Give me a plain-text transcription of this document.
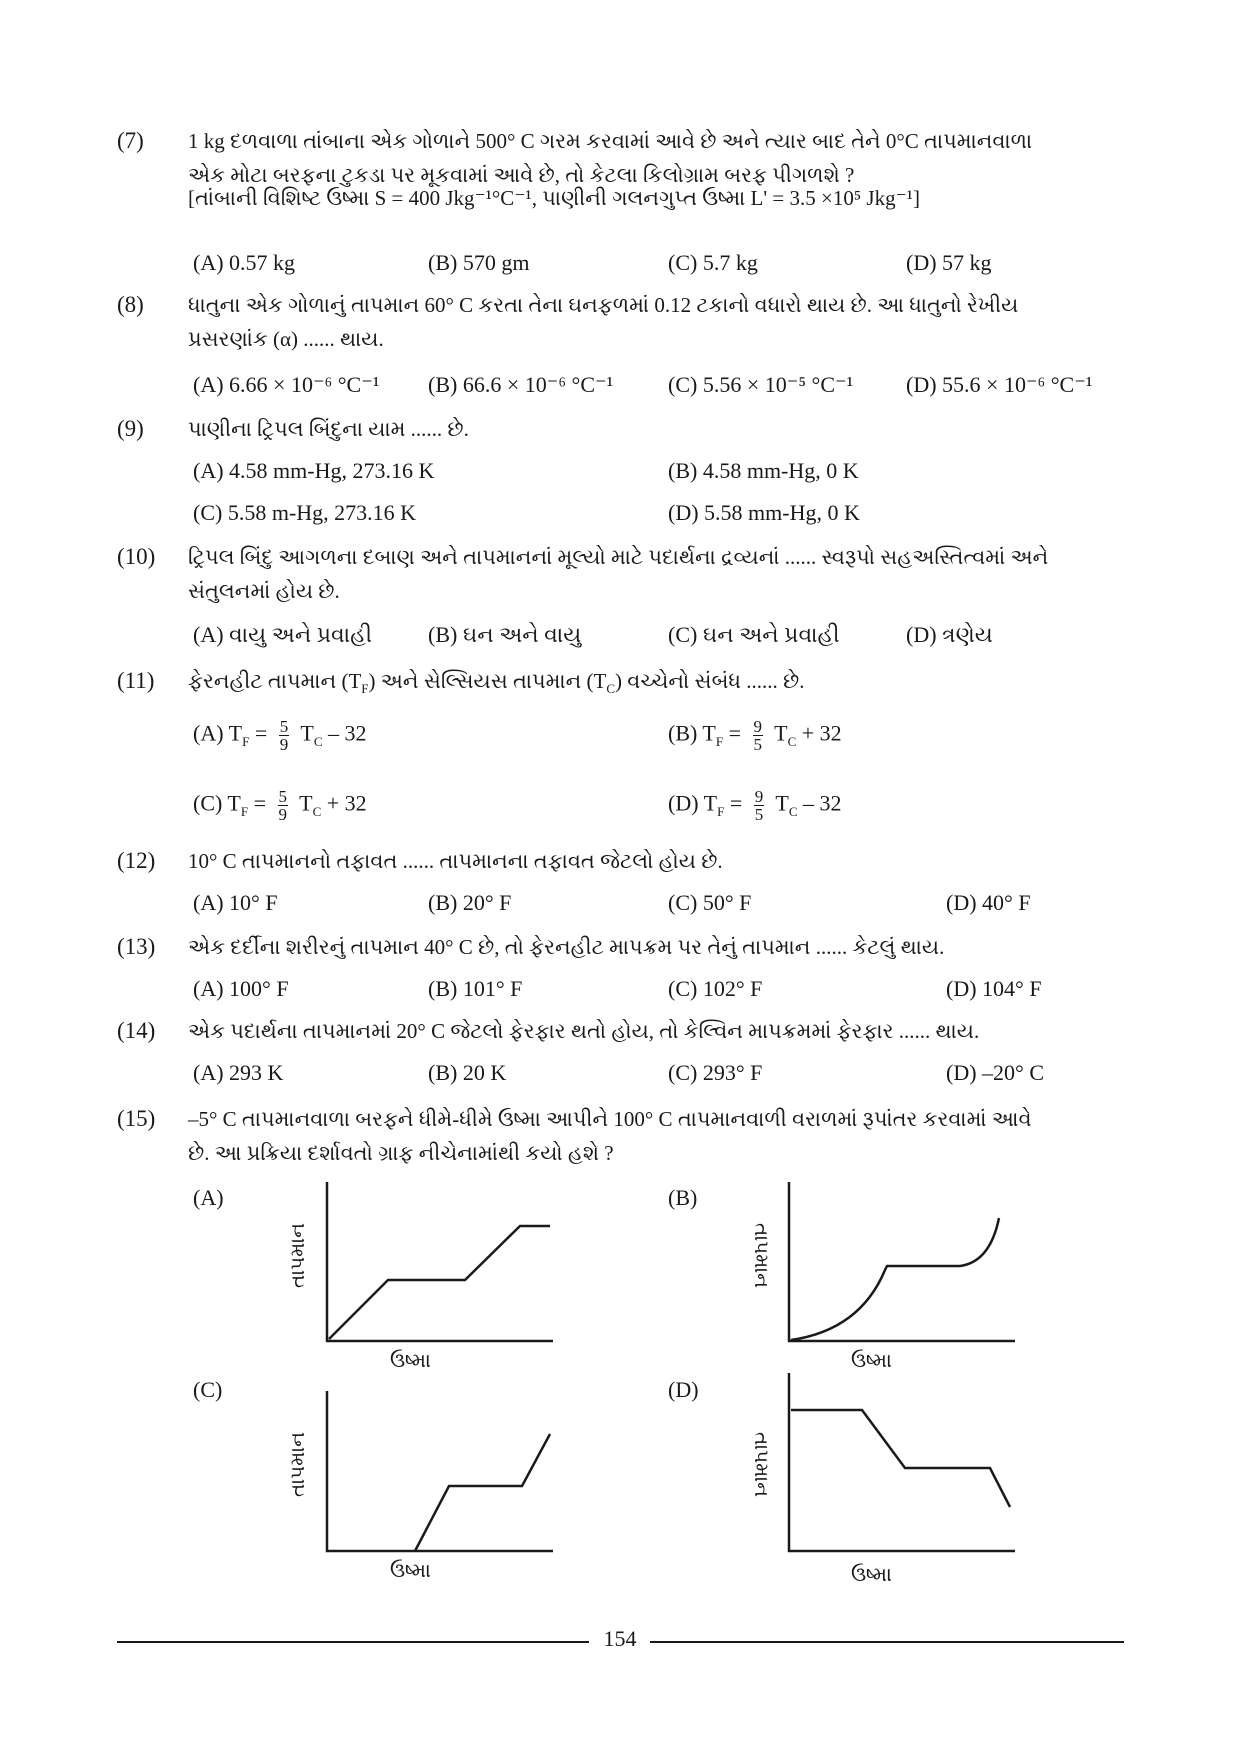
(7) 1 kg દળવાળા તાંબાના એક ગોળાને 500° C ગરમ કરવામાં આવે છે અને ત્યાર બાદ તેને 0°C તાપમાનવાળા
એક મોટા બરફના ટુકડા પર મૂકવામાં આવે છે, તો કેટલા કિલોગ્રામ બરફ પીગળશે ?
[તાંબાની વિશિષ્ટ ઉષ્મા S = 400 Jkg⁻¹°C⁻¹, પાણીની ગલનગુપ્ત ઉષ્મા L' = 3.5 ×10⁵ Jkg⁻¹]
(A) 0.57 kg	(B) 570 gm	(C) 5.7 kg	(D) 57 kg
(8) ધાતુના એક ગોળાનું તાપમાન 60° C કરતા તેના ઘનફળમાં 0.12 ટકાનો વધારો થાય છે. આ ધાતુનો રેખીય
પ્રસરણાંક (α) ...... થાય.
(A) 6.66 × 10⁻⁶ °C⁻¹ (B) 66.6 × 10⁻⁶ °C⁻¹ (C) 5.56 × 10⁻⁵ °C⁻¹ (D) 55.6 × 10⁻⁶ °C⁻¹
(9) પાણીના ટ્રિપલ બિંદુના યામ ...... છે.
(A) 4.58 mm-Hg, 273.16 K	(B) 4.58 mm-Hg, 0 K
(C) 5.58 m-Hg, 273.16 K	(D) 5.58 mm-Hg, 0 K
(10) ટ્રિપલ બિંદુ આગળના દબાણ અને તાપમાનનાં મૂલ્યો માટે પદાર્થના દ્રવ્યનાં ...... સ્વરૂપો સહઅસ્તિત્વમાં અને
સંતુલનમાં હોય છે.
(A) વાયુ અને પ્રવાહી	(B) ઘન અને વાયુ	(C) ઘન અને પ્રવાહી	(D) ત્રણેય
(11) ફેરનહીટ તાપમાન $(T_F)$ અને સેલ્સિયસ તાપમાન $(T_C)$ વચ્ચેનો સંબંધ ...... છે.
(A) $T_F = \frac{5}{9} T_C - 32$	(B) $T_F = \frac{9}{5} T_C + 32$
(C) $T_F = \frac{5}{9} T_C + 32$	(D) $T_F = \frac{9}{5} T_C - 32$
(12) 10° C તાપમાનનો તફાવત ...... તાપમાનના તફાવત જેટલો હોય છે.
(A) 10° F	(B) 20° F	(C) 50° F	(D) 40° F
(13) એક દર્દીના શરીરનું તાપમાન 40° C છે, તો ફેરનહીટ માપક્રમ પર તેનું તાપમાન ...... કેટલું થાય.
(A) 100° F	(B) 101° F	(C) 102° F	(D) 104° F
(14) એક પદાર્થના તાપમાનમાં 20° C જેટલો ફેરફાર થતો હોય, તો કેલ્વિન માપક્રમમાં ફેરફાર ...... થાય.
(A) 293 K	(B) 20 K	(C) 293° F	(D) –20° C
(15) –5° C તાપમાનવાળા બરફને ધીમે-ધીમે ઉષ્મા આપીને 100° C તાપમાનવાળી વરાળમાં રૂપાંતર કરવામાં આવે
છે. આ પ્રક્રિયા દર્શાવતો ગ્રાફ નીચેનામાંથી કયો હશે ?
(A)	(B)
(C)	(D)
તાપમાન
ઉષ્મા
તાપમાન
ઉષ્મા
તાપમાન
ઉષ્મા
તાપમાન
ઉષ્મા
154
